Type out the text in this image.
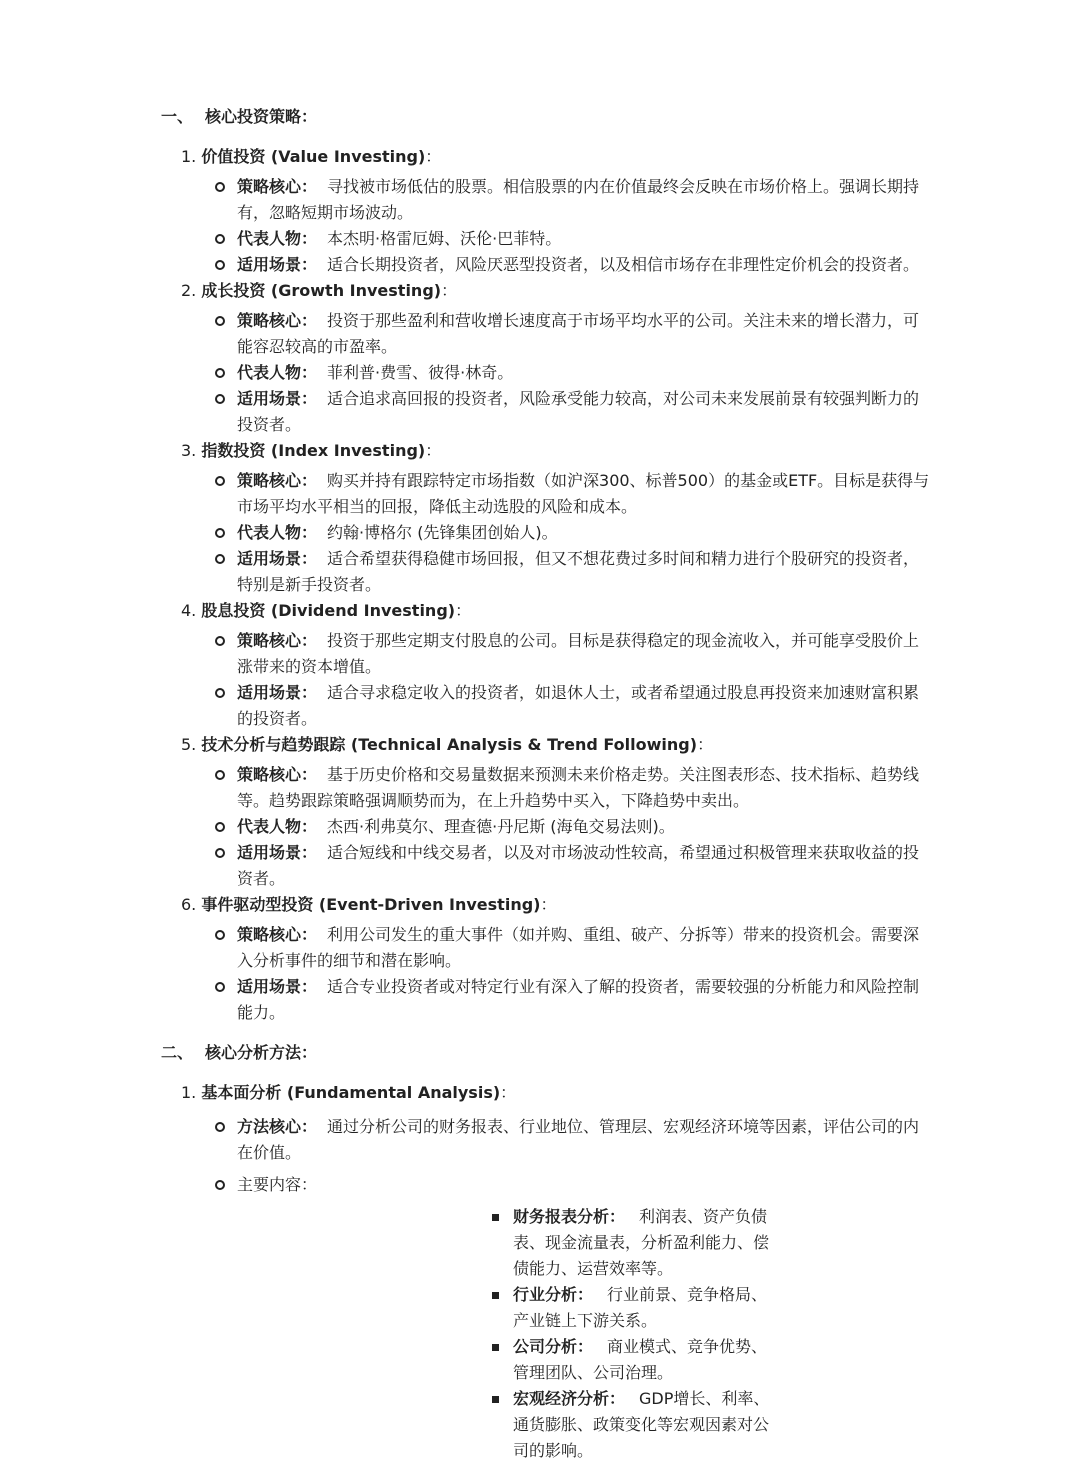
一、 核心投资策略：
1. 价值投资 (Value Investing)：
策略核心： 寻找被市场低估的股票。相信股票的内在价值最终会反映在市场价格上。强调长期持有，忽略短期市场波动。
代表人物： 本杰明·格雷厄姆、沃伦·巴菲特。
适用场景： 适合长期投资者，风险厌恶型投资者，以及相信市场存在非理性定价机会的投资者。
2. 成长投资 (Growth Investing)：
策略核心： 投资于那些盈利和营收增长速度高于市场平均水平的公司。关注未来的增长潜力，可能容忍较高的市盈率。
代表人物： 菲利普·费雪、彼得·林奇。
适用场景： 适合追求高回报的投资者，风险承受能力较高，对公司未来发展前景有较强判断力的投资者。
3. 指数投资 (Index Investing)：
策略核心： 购买并持有跟踪特定市场指数（如沪深300、标普500）的基金或ETF。目标是获得与市场平均水平相当的回报，降低主动选股的风险和成本。
代表人物： 约翰·博格尔 (先锋集团创始人)。
适用场景： 适合希望获得稳健市场回报，但又不想花费过多时间和精力进行个股研究的投资者，特别是新手投资者。
4. 股息投资 (Dividend Investing)：
策略核心： 投资于那些定期支付股息的公司。目标是获得稳定的现金流收入，并可能享受股价上涨带来的资本增值。
适用场景： 适合寻求稳定收入的投资者，如退休人士，或者希望通过股息再投资来加速财富积累的投资者。
5. 技术分析与趋势跟踪 (Technical Analysis & Trend Following)：
策略核心： 基于历史价格和交易量数据来预测未来价格走势。关注图表形态、技术指标、趋势线等。趋势跟踪策略强调顺势而为，在上升趋势中买入，下降趋势中卖出。
代表人物： 杰西·利弗莫尔、理查德·丹尼斯 (海龟交易法则)。
适用场景： 适合短线和中线交易者，以及对市场波动性较高，希望通过积极管理来获取收益的投资者。
6. 事件驱动型投资 (Event-Driven Investing)：
策略核心： 利用公司发生的重大事件（如并购、重组、破产、分拆等）带来的投资机会。需要深入分析事件的细节和潜在影响。
适用场景： 适合专业投资者或对特定行业有深入了解的投资者，需要较强的分析能力和风险控制能力。
二、 核心分析方法：
1. 基本面分析 (Fundamental Analysis)：
方法核心： 通过分析公司的财务报表、行业地位、管理层、宏观经济环境等因素，评估公司的内在价值。
主要内容：
财务报表分析： 利润表、资产负债表、现金流量表，分析盈利能力、偿债能力、运营效率等。
行业分析： 行业前景、竞争格局、产业链上下游关系。
公司分析： 商业模式、竞争优势、管理团队、公司治理。
宏观经济分析： GDP增长、利率、通货膨胀、政策变化等宏观因素对公司的影响。
